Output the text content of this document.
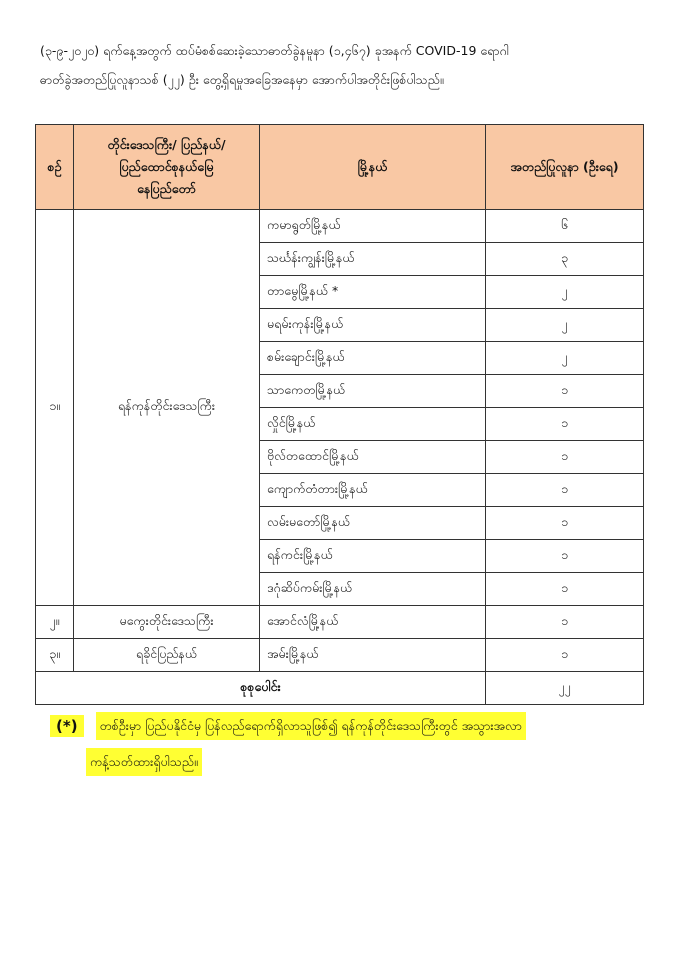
(၃-၉-၂၀၂၀) ရက်နေ့အတွက် ထပ်မံစစ်ဆေးခဲ့သောဓာတ်ခွဲနမူနာ (၁,၄၆၇) ခုအနက် COVID-19 ရောဂါ

ဓာတ်ခွဲအတည်ပြုလူနာသစ် (၂၂) ဦး တွေ့ရှိရမှုအခြေအနေမှာ အောက်ပါအတိုင်းဖြစ်ပါသည်။

စဉ်	တိုင်းဒေသကြီး/ ပြည်နယ်/
ပြည်ထောင်စုနယ်မြေ
နေပြည်တော်	မြို့နယ်	အတည်ပြုလူနာ (ဦးရေ)
၁။	ရန်ကုန်တိုင်းဒေသကြီး	ကမာရွတ်မြို့နယ်	၆
		သင်္ဃန်းကျွန်းမြို့နယ်	၃
		တာမွေမြို့နယ် *	၂
		မရမ်းကုန်းမြို့နယ်	၂
		စမ်းချောင်းမြို့နယ်	၂
		သာကေတမြို့နယ်	၁
		လှိုင်မြို့နယ်	၁
		ဗိုလ်တထောင်မြို့နယ်	၁
		ကျောက်တံတားမြို့နယ်	၁
		လမ်းမတော်မြို့နယ်	၁
		ရန်ကင်းမြို့နယ်	၁
		ဒဂုံဆိပ်ကမ်းမြို့နယ်	၁
၂။	မကွေးတိုင်းဒေသကြီး	အောင်လံမြို့နယ်	၁
၃။	ရခိုင်ပြည်နယ်	အမ်းမြို့နယ်	၁
စုစုပေါင်း			၂၂
(*)	တစ်ဦးမှာ ပြည်ပနိုင်ငံမှ ပြန်လည်ရောက်ရှိလာသူဖြစ်၍ ရန်ကုန်တိုင်းဒေသကြီးတွင် အသွားအလာ
ကန့်သတ်ထားရှိပါသည်။
